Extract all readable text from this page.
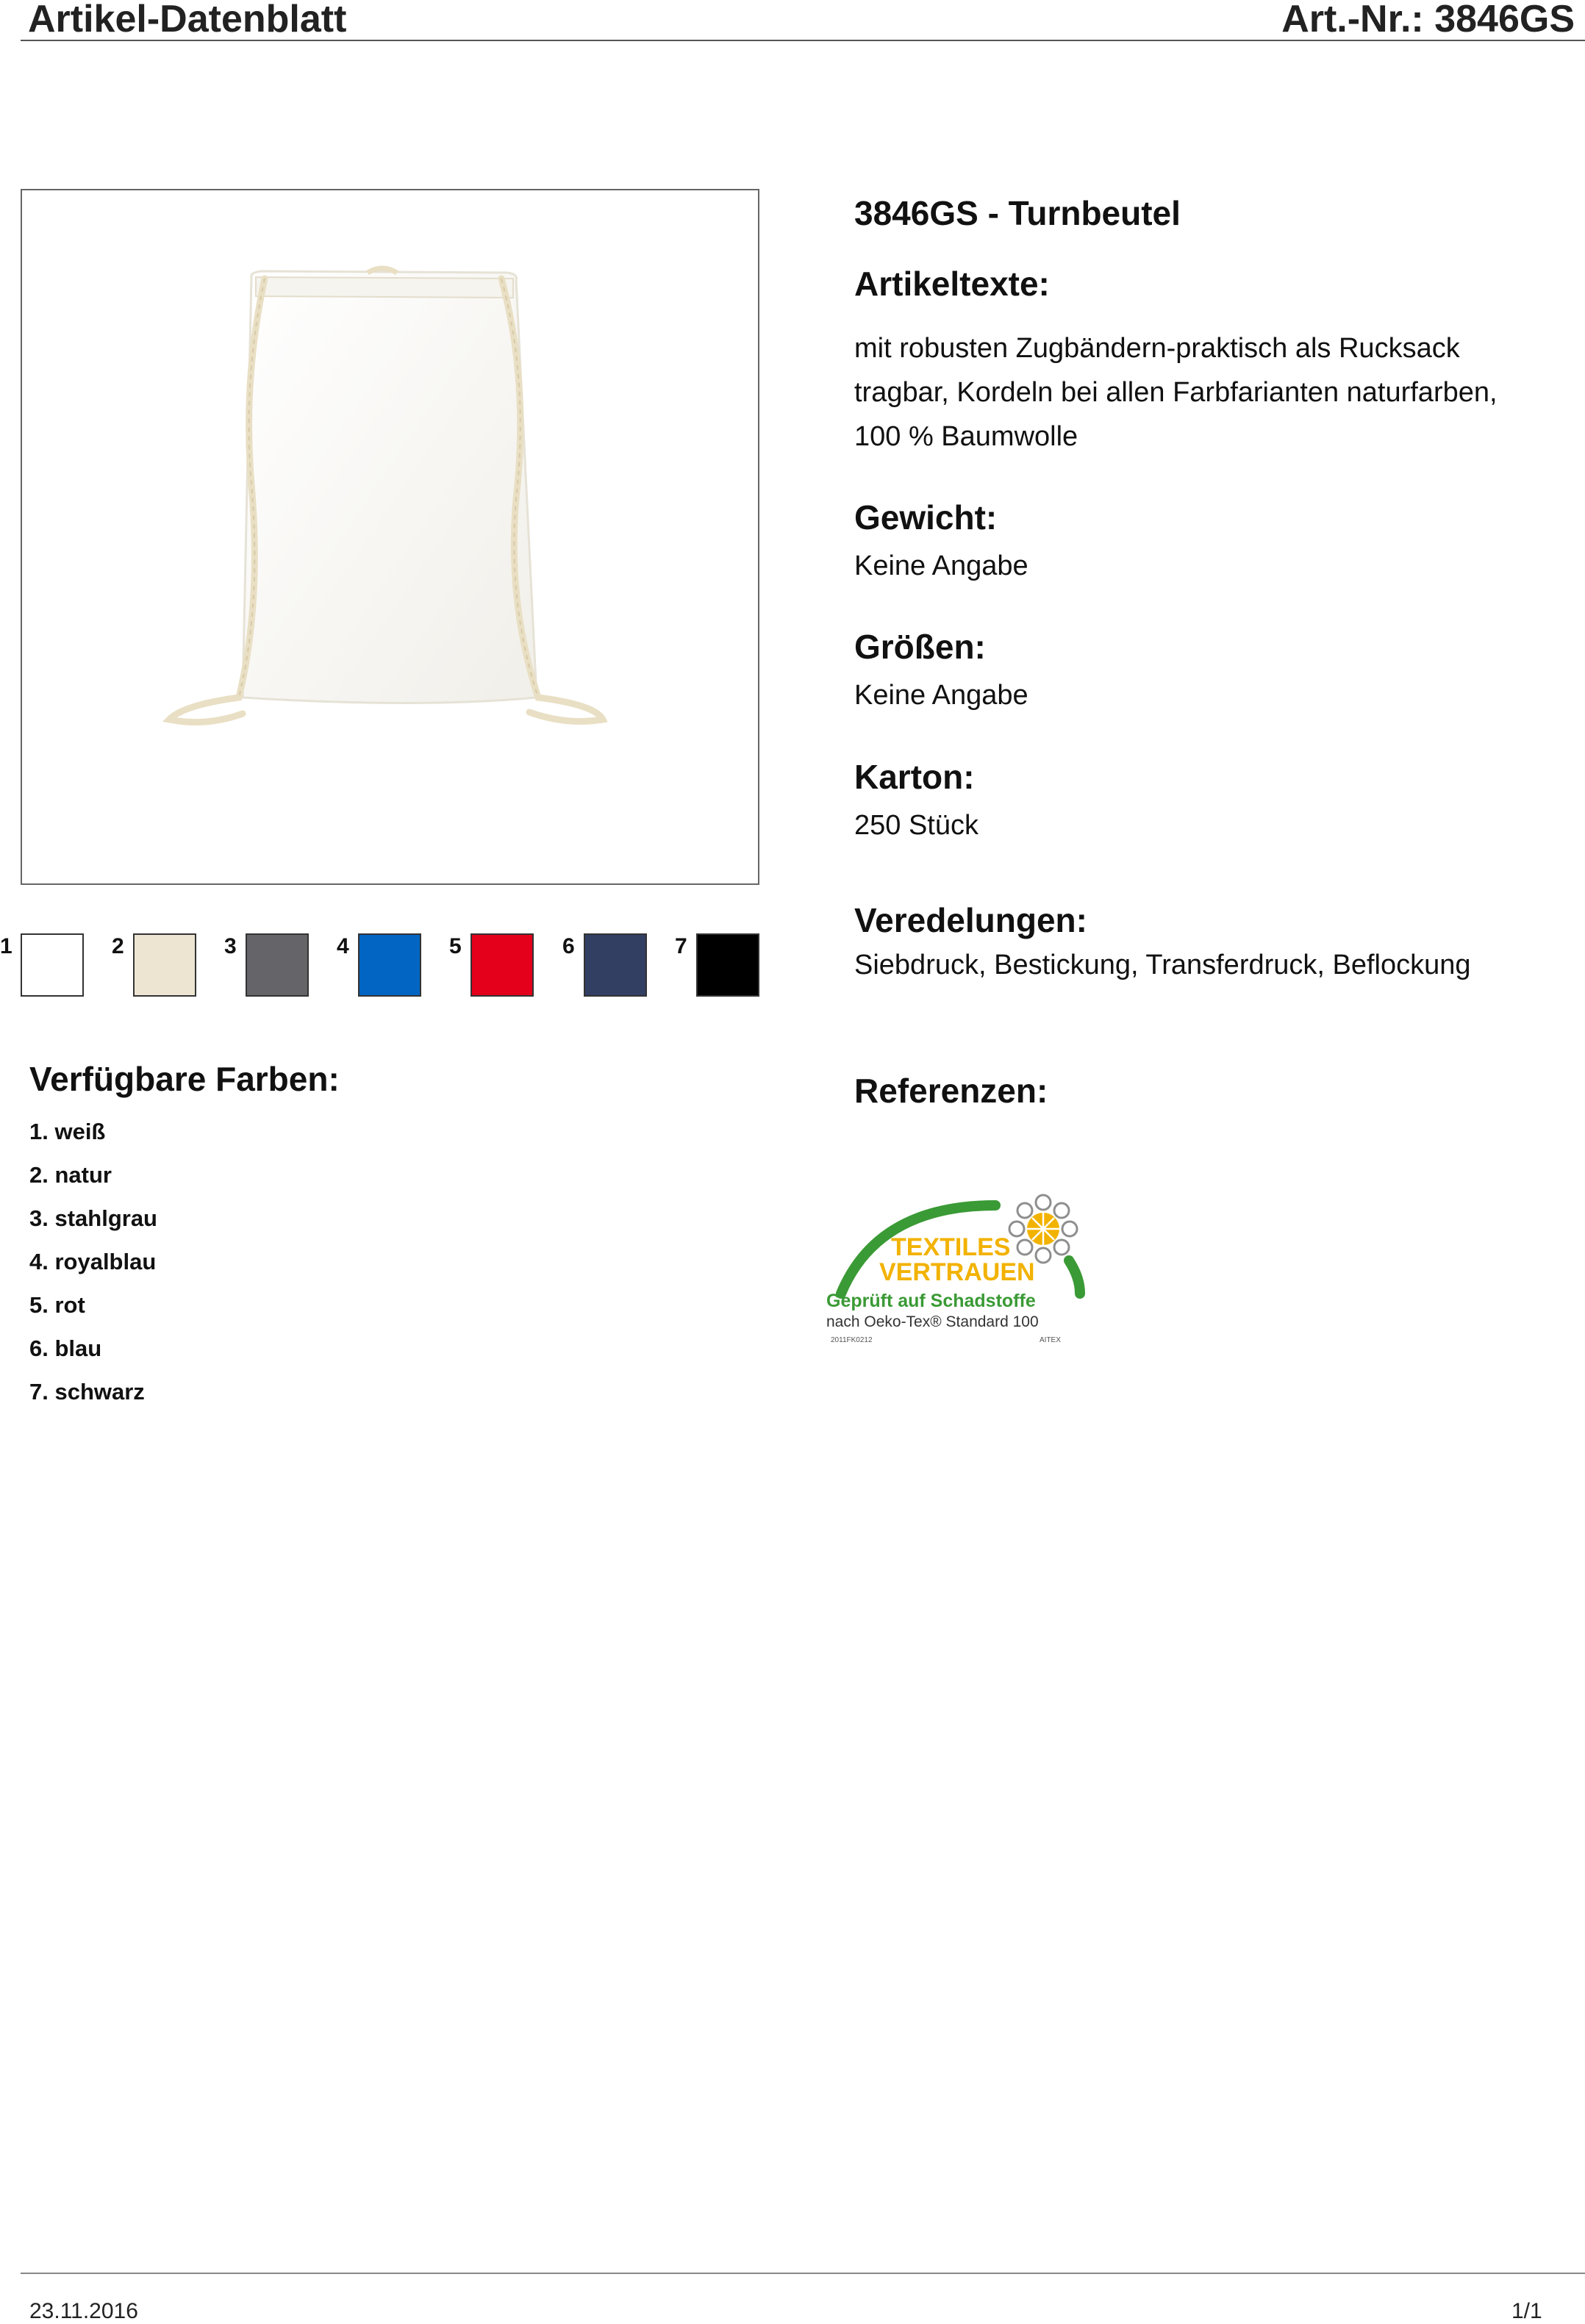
Artikel-Datenblatt	Art.-Nr.: 3846GS
1	2	3	4	5	6	7
Verfügbare Farben:
1. weiß
2. natur
3. stahlgrau
4. royalblau
5. rot
6. blau
7. schwarz
3846GS - Turnbeutel
Artikeltexte:
mit robusten Zugbändern-praktisch als Rucksack
tragbar, Kordeln bei allen Farbfarianten naturfarben,
100 % Baumwolle
Gewicht:
Keine Angabe
Größen:
Keine Angabe
Karton:
250 Stück
Veredelungen:
Siebdruck, Bestickung, Transferdruck, Beflockung
Referenzen:
TEXTILES
VERTRAUEN
Geprüft auf Schadstoffe
nach Oeko-Tex® Standard 100
2011FK0212	AITEX
23.11.2016	1/1
